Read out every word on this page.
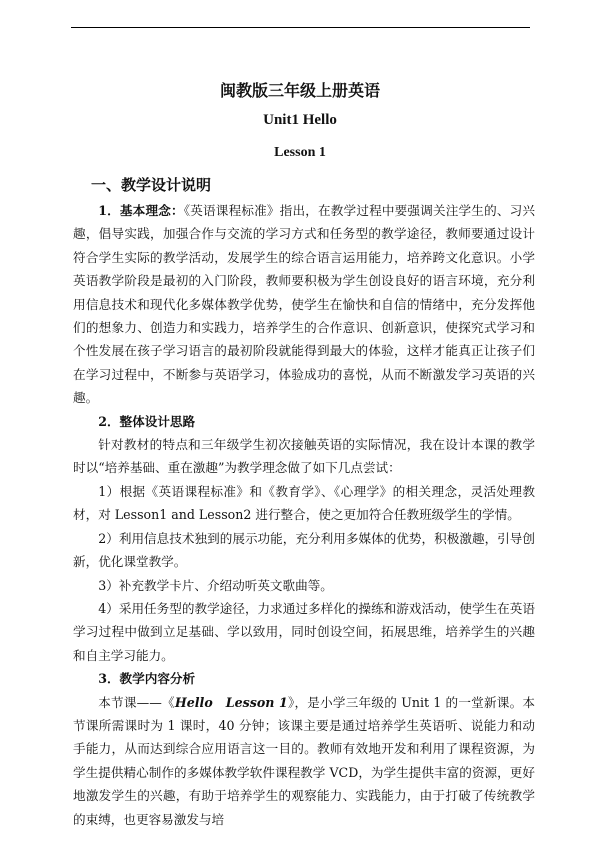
闽教版三年级上册英语
Unit1 Hello
Lesson 1
一、教学设计说明

1．基本理念：《英语课程标准》指出，在教学过程中要强调关注学生的、习兴趣，倡导实践，加强合作与交流的学习方式和任务型的教学途径，教师要通过设计符合学生实际的教学活动，发展学生的综合语言运用能力，培养跨文化意识。小学英语教学阶段是最初的入门阶段，教师要积极为学生创设良好的语言环境，充分利用信息技术和现代化多媒体教学优势，使学生在愉快和自信的情绪中，充分发挥他们的想象力、创造力和实践力，培养学生的合作意识、创新意识，使探究式学习和个性发展在孩子学习语言的最初阶段就能得到最大的体验，这样才能真正让孩子们在学习过程中，不断参与英语学习，体验成功的喜悦，从而不断激发学习英语的兴趣。

2．整体设计思路

针对教材的特点和三年级学生初次接触英语的实际情况，我在设计本课的教学时以“培养基础、重在激趣”为教学理念做了如下几点尝试：

1）根据《英语课程标准》和《教育学》、《心理学》的相关理念，灵活处理教材，对 Lesson1 and Lesson2 进行整合，使之更加符合任教班级学生的学情。

2）利用信息技术独到的展示功能，充分利用多媒体的优势，积极激趣，引导创新，优化课堂教学。

3）补充教学卡片、介绍动听英文歌曲等。

4）采用任务型的教学途径，力求通过多样化的操练和游戏活动，使学生在英语学习过程中做到立足基础、学以致用，同时创设空间，拓展思维，培养学生的兴趣和自主学习能力。

3．教学内容分析

本节课——《Hello　Lesson 1》，是小学三年级的 Unit 1 的一堂新课。本节课所需课时为 1 课时，40 分钟；该课主要是通过培养学生英语听、说能力和动手能力，从而达到综合应用语言这一目的。教师有效地开发和利用了课程资源，为学生提供精心制作的多媒体教学软件课程教学 VCD，为学生提供丰富的资源，更好地激发学生的兴趣，有助于培养学生的观察能力、实践能力，由于打破了传统教学的束缚，也更容易激发与培
